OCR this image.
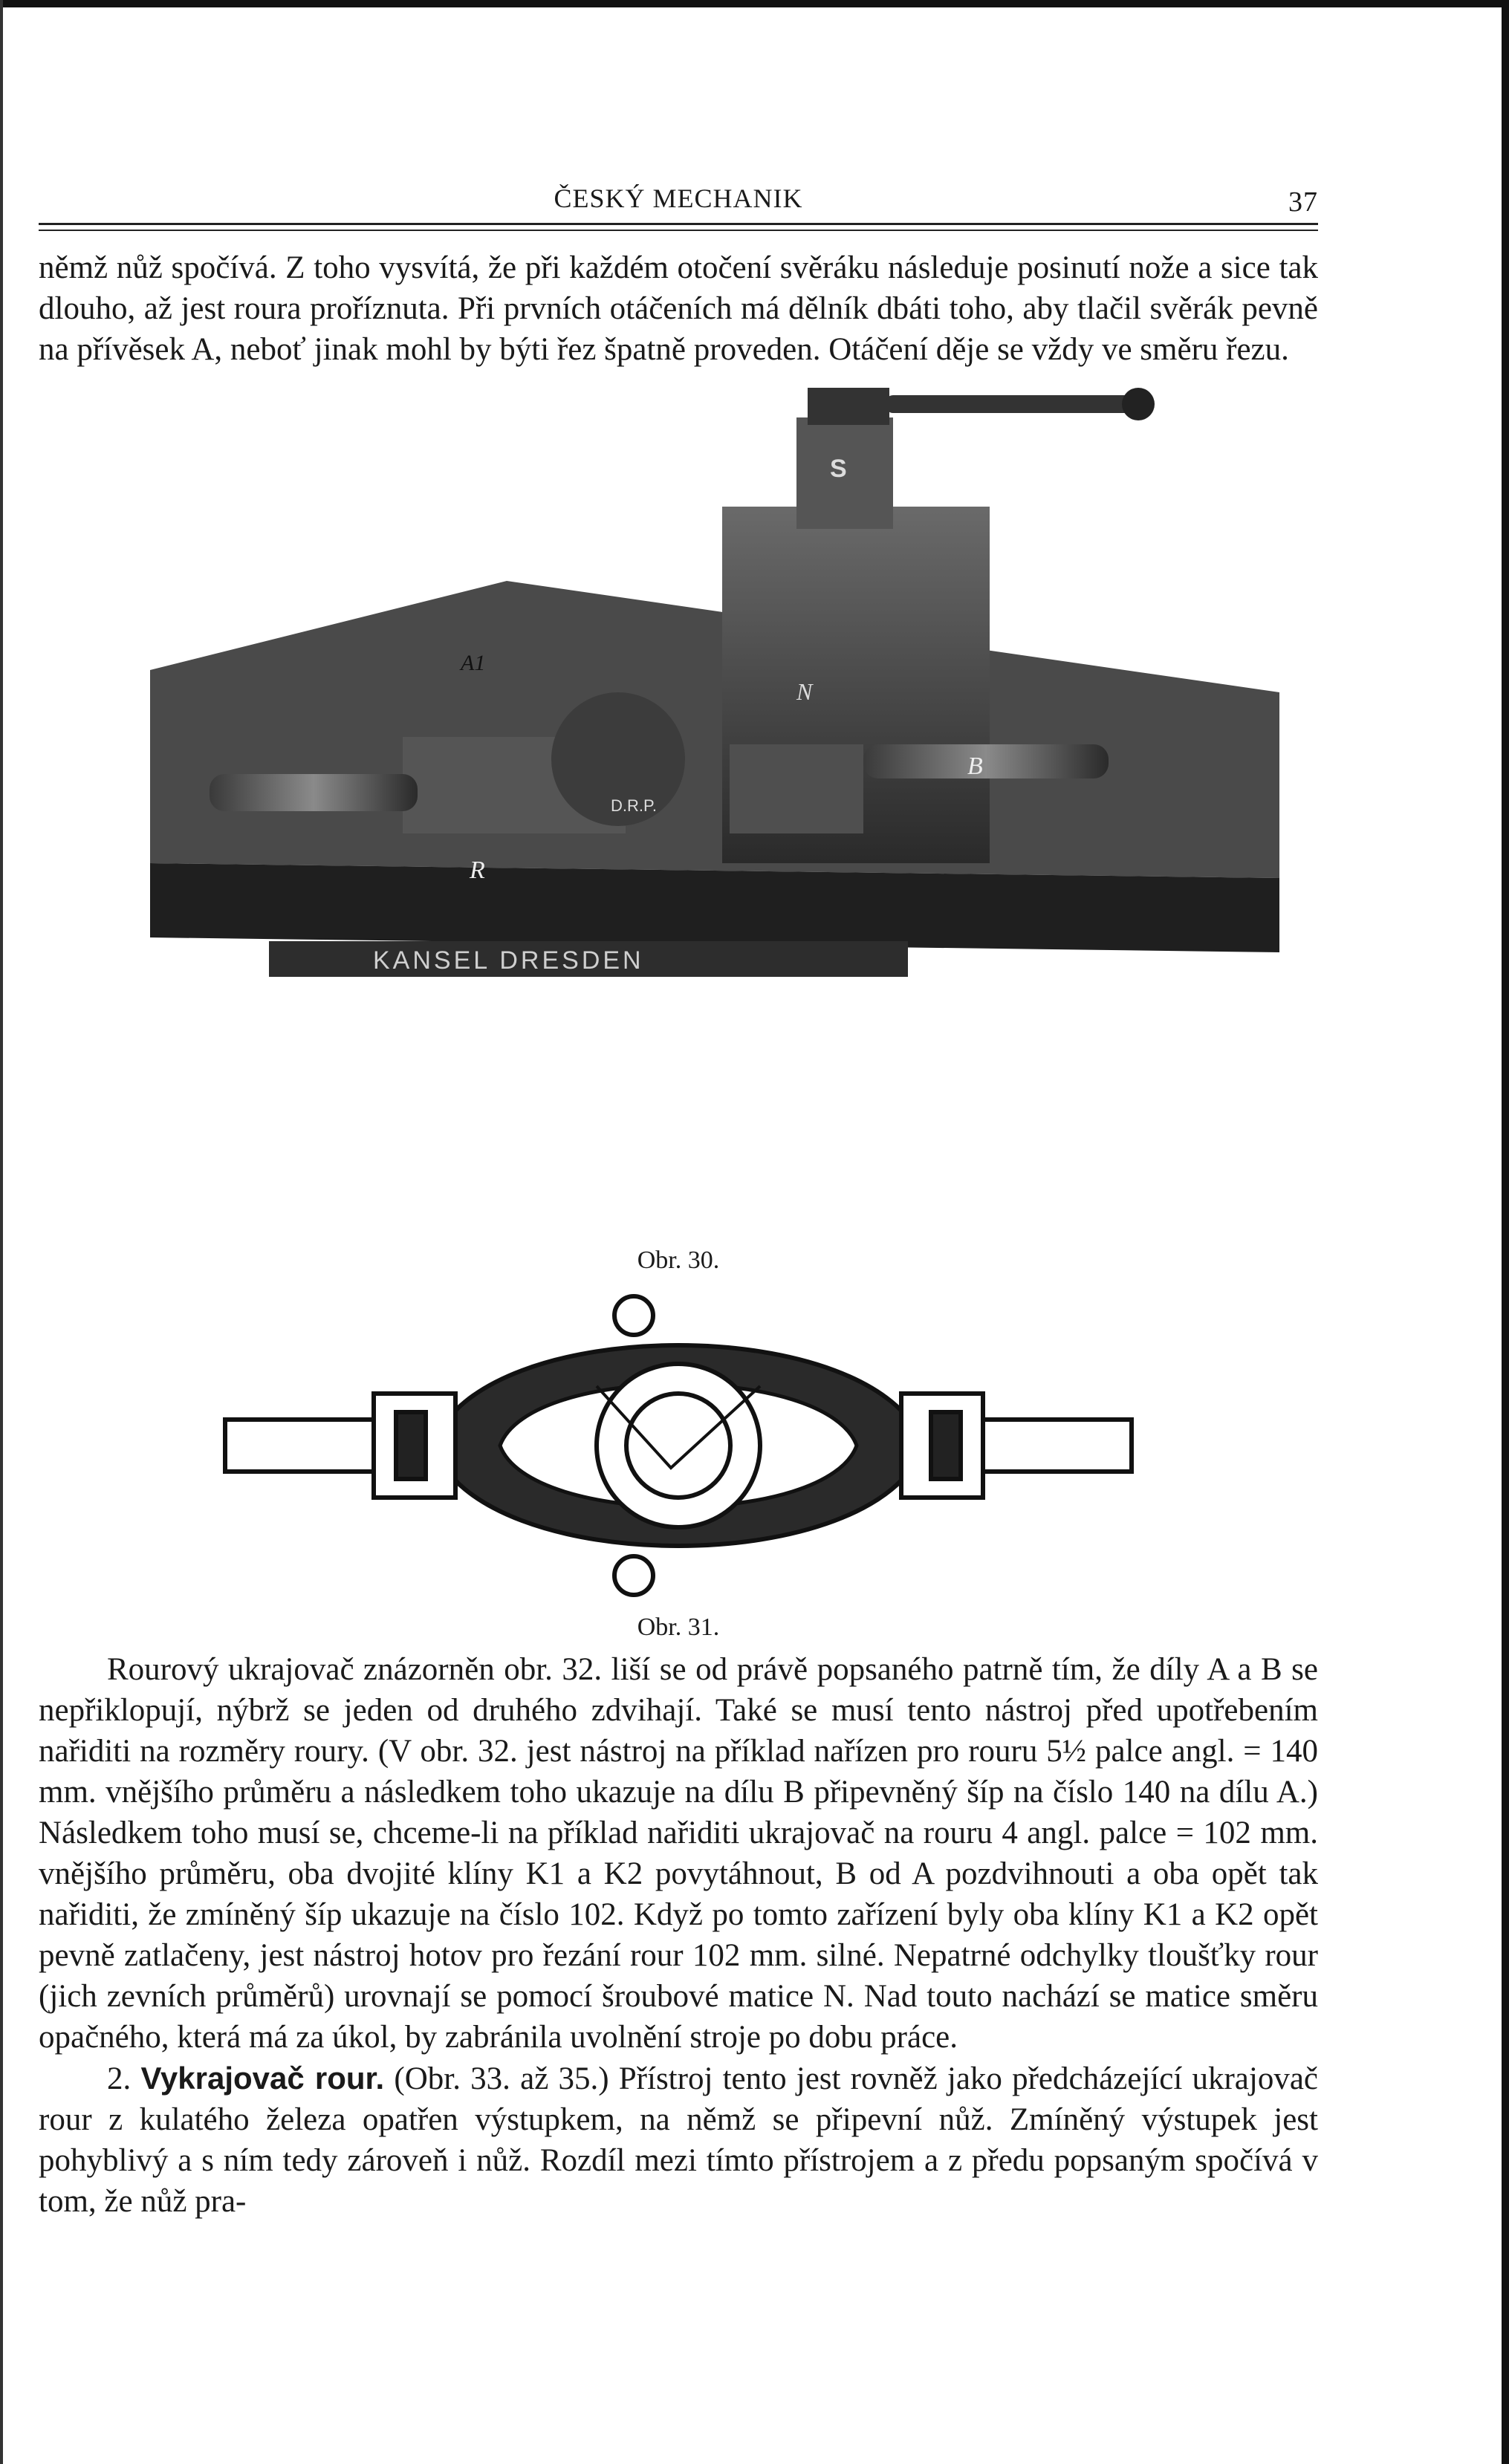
ČESKÝ MECHANIK	37

němž nůž spočívá. Z toho vysvítá, že při každém otočení svěráku následuje posinutí nože a sice tak dlouho, až jest roura proříznuta. Při prvních otáčeních má dělník dbáti toho, aby tlačil svěrák pevně na přívěsek A, neboť jinak mohl by býti řez špatně proveden. Otáčení děje se vždy ve směru řezu.

A1
S
N
D.R.P.
R
B
KANSEL DRESDEN
Obr. 30.
Obr. 31.

Rourový ukrajovač znázorněn obr. 32. liší se od právě popsaného patrně tím, že díly A a B se nepřiklopují, nýbrž se jeden od druhého zdvihají. Také se musí tento nástroj před upotřebením nařiditi na rozměry roury. (V obr. 32. jest nástroj na příklad nařízen pro rouru 5½ palce angl. = 140 mm. vnějšího průměru a následkem toho ukazuje na dílu B připevněný šíp na číslo 140 na dílu A.) Následkem toho musí se, chceme-li na příklad nařiditi ukrajovač na rouru 4 angl. palce = 102 mm. vnějšího průměru, oba dvojité klíny K1 a K2 povytáhnout, B od A pozdvihnouti a oba opět tak nařiditi, že zmíněný šíp ukazuje na číslo 102. Když po tomto zařízení byly oba klíny K1 a K2 opět pevně zatlačeny, jest nástroj hotov pro řezání rour 102 mm. silné. Nepatrné odchylky tloušťky rour (jich zevních průměrů) urovnají se pomocí šroubové matice N. Nad touto nachází se matice směru opačného, která má za úkol, by zabránila uvolnění stroje po dobu práce.

2. Vykrajovač rour. (Obr. 33. až 35.) Přístroj tento jest rovněž jako předcházející ukrajovač rour z kulatého železa opatřen výstupkem, na němž se připevní nůž. Zmíněný výstupek jest pohyblivý a s ním tedy zároveň i nůž. Rozdíl mezi tímto přístrojem a z předu popsaným spočívá v tom, že nůž pra-
